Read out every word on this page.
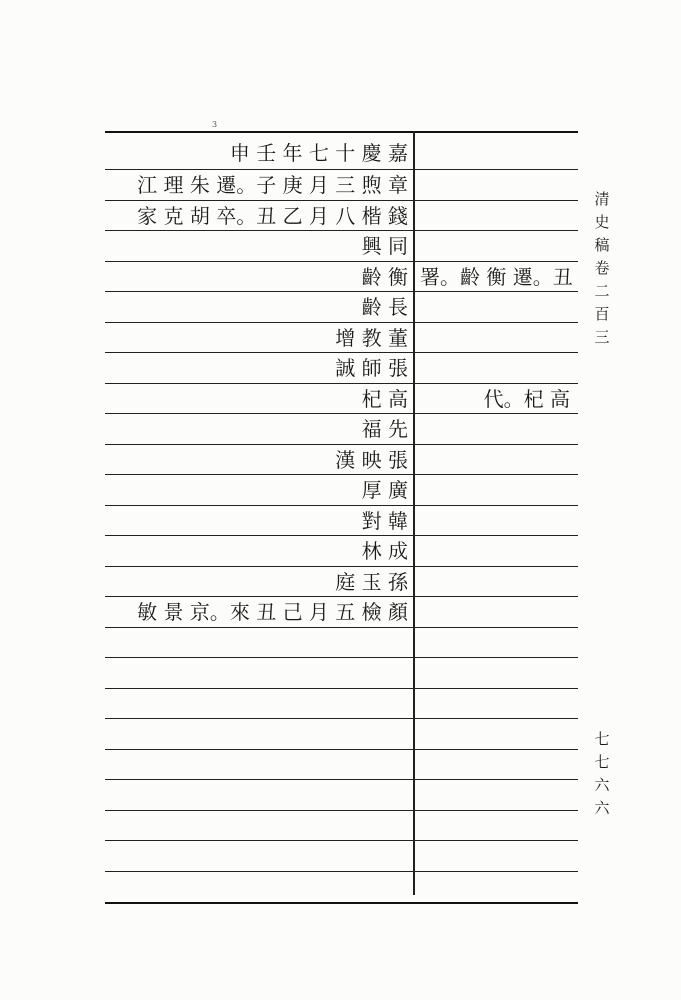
3
申 壬 年 七 十 慶 嘉
江 理 朱 遷。子 庚 月 三 煦 章
家 克 胡 卒。丑 乙 月 八 楷 錢
興 同
齡 衡
齡 長
增 教 董
誠 師 張
杞 高
福 先
漢 映 張
厚 廣
對 韓
林 成
庭 玉 孫
敏 景 京。來 丑 己 月 五 檢 顏
署。齡 衡 遷。丑
代。杞 高
清史稿卷二百三
七七六六
